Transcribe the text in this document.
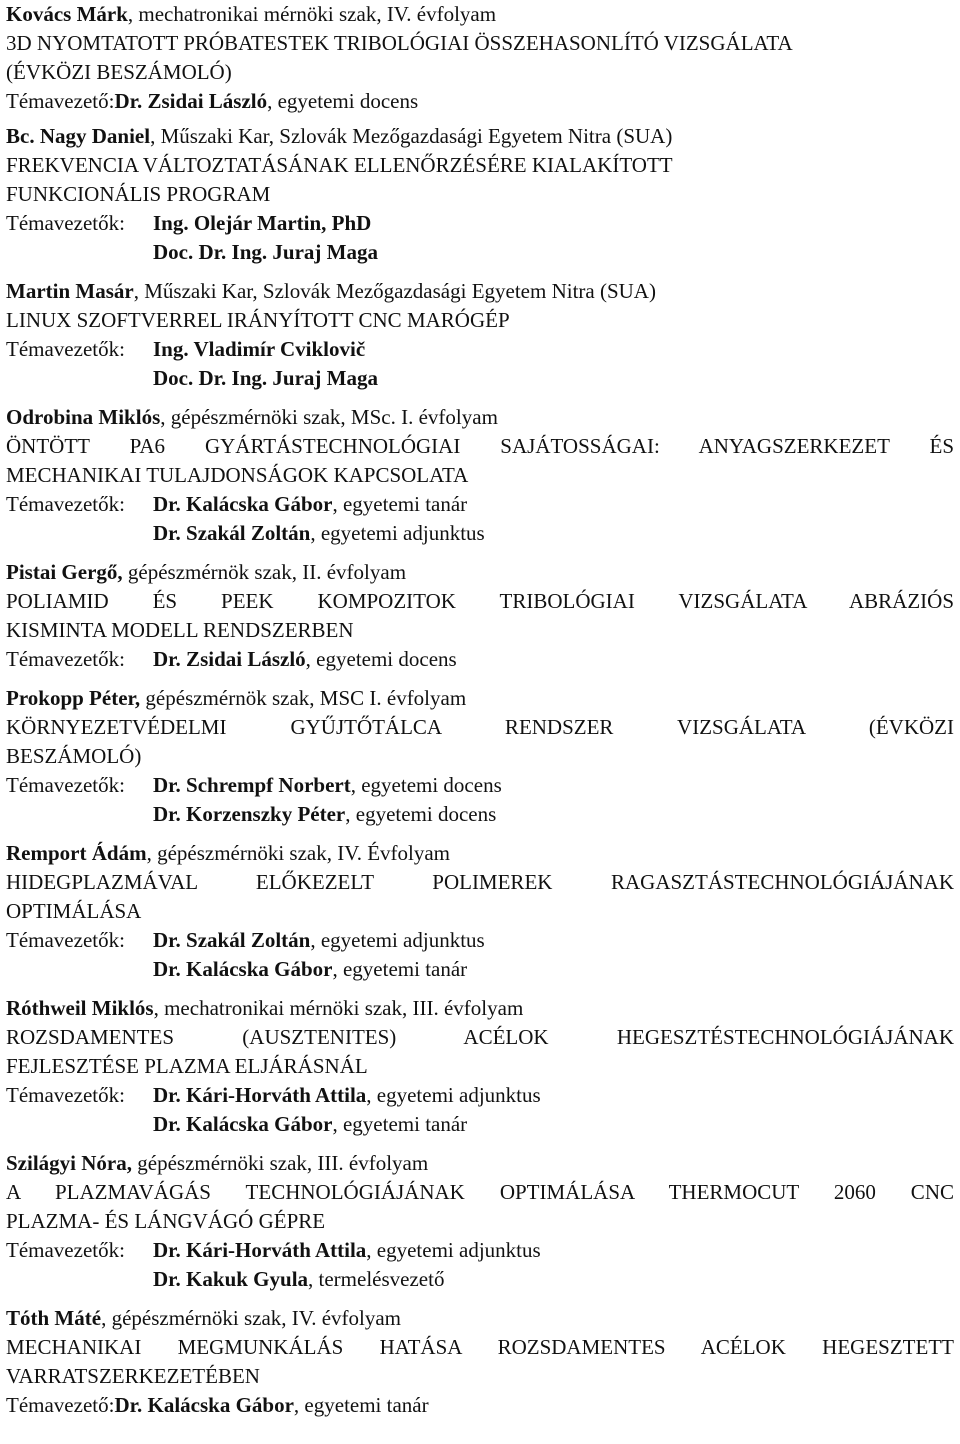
Kovács Márk, mechatronikai mérnöki szak, IV. évfolyam
3D NYOMTATOTT PRÓBATESTEK TRIBOLÓGIAI ÖSSZEHASONLÍTÓ VIZSGÁLATA
(ÉVKÖZI BESZÁMOLÓ)
Témavezető:Dr. Zsidai László, egyetemi docens
Bc. Nagy Daniel, Műszaki Kar, Szlovák Mezőgazdasági Egyetem Nitra (SUA)
FREKVENCIA VÁLTOZTATÁSÁNAK ELLENŐRZÉSÉRE KIALAKÍTOTT
FUNKCIONÁLIS PROGRAM
Témavezetők:Ing. Olejár Martin, PhD
Doc. Dr. Ing. Juraj Maga
Martin Masár, Műszaki Kar, Szlovák Mezőgazdasági Egyetem Nitra (SUA)
LINUX SZOFTVERREL IRÁNYÍTOTT CNC MARÓGÉP
Témavezetők:Ing. Vladimír Cviklovič
Doc. Dr. Ing. Juraj Maga
Odrobina Miklós, gépészmérnöki szak, MSc. I. évfolyam
ÖNTÖTT PA6 GYÁRTÁSTECHNOLÓGIAI SAJÁTOSSÁGAI: ANYAGSZERKEZET ÉS
MECHANIKAI TULAJDONSÁGOK KAPCSOLATA
Témavezetők:Dr. Kalácska Gábor, egyetemi tanár
Dr. Szakál Zoltán, egyetemi adjunktus
Pistai Gergő, gépészmérnök szak, II. évfolyam
POLIAMID ÉS PEEK KOMPOZITOK TRIBOLÓGIAI VIZSGÁLATA ABRÁZIÓS
KISMINTA MODELL RENDSZERBEN
Témavezetők:Dr. Zsidai László, egyetemi docens
Prokopp Péter, gépészmérnök szak, MSC I. évfolyam
KÖRNYEZETVÉDELMI GYŰJTŐTÁLCA RENDSZER VIZSGÁLATA (ÉVKÖZI
BESZÁMOLÓ)
Témavezetők:Dr. Schrempf Norbert, egyetemi docens
Dr. Korzenszky Péter, egyetemi docens
Remport Ádám, gépészmérnöki szak, IV. Évfolyam
HIDEGPLAZMÁVAL ELŐKEZELT POLIMEREK RAGASZTÁSTECHNOLÓGIÁJÁNAK
OPTIMÁLÁSA
Témavezetők:Dr. Szakál Zoltán, egyetemi adjunktus
Dr. Kalácska Gábor, egyetemi tanár
Róthweil Miklós, mechatronikai mérnöki szak, III. évfolyam
ROZSDAMENTES (AUSZTENITES) ACÉLOK HEGESZTÉSTECHNOLÓGIÁJÁNAK
FEJLESZTÉSE PLAZMA ELJÁRÁSNÁL
Témavezetők:Dr. Kári-Horváth Attila, egyetemi adjunktus
Dr. Kalácska Gábor, egyetemi tanár
Szilágyi Nóra, gépészmérnöki szak, III. évfolyam
A PLAZMAVÁGÁS TECHNOLÓGIÁJÁNAK OPTIMÁLÁSA THERMOCUT 2060 CNC
PLAZMA- ÉS LÁNGVÁGÓ GÉPRE
Témavezetők:Dr. Kári-Horváth Attila, egyetemi adjunktus
Dr. Kakuk Gyula, termelésvezető
Tóth Máté, gépészmérnöki szak, IV. évfolyam
MECHANIKAI MEGMUNKÁLÁS HATÁSA ROZSDAMENTES ACÉLOK HEGESZTETT
VARRATSZERKEZETÉBEN
Témavezető:Dr. Kalácska Gábor, egyetemi tanár
